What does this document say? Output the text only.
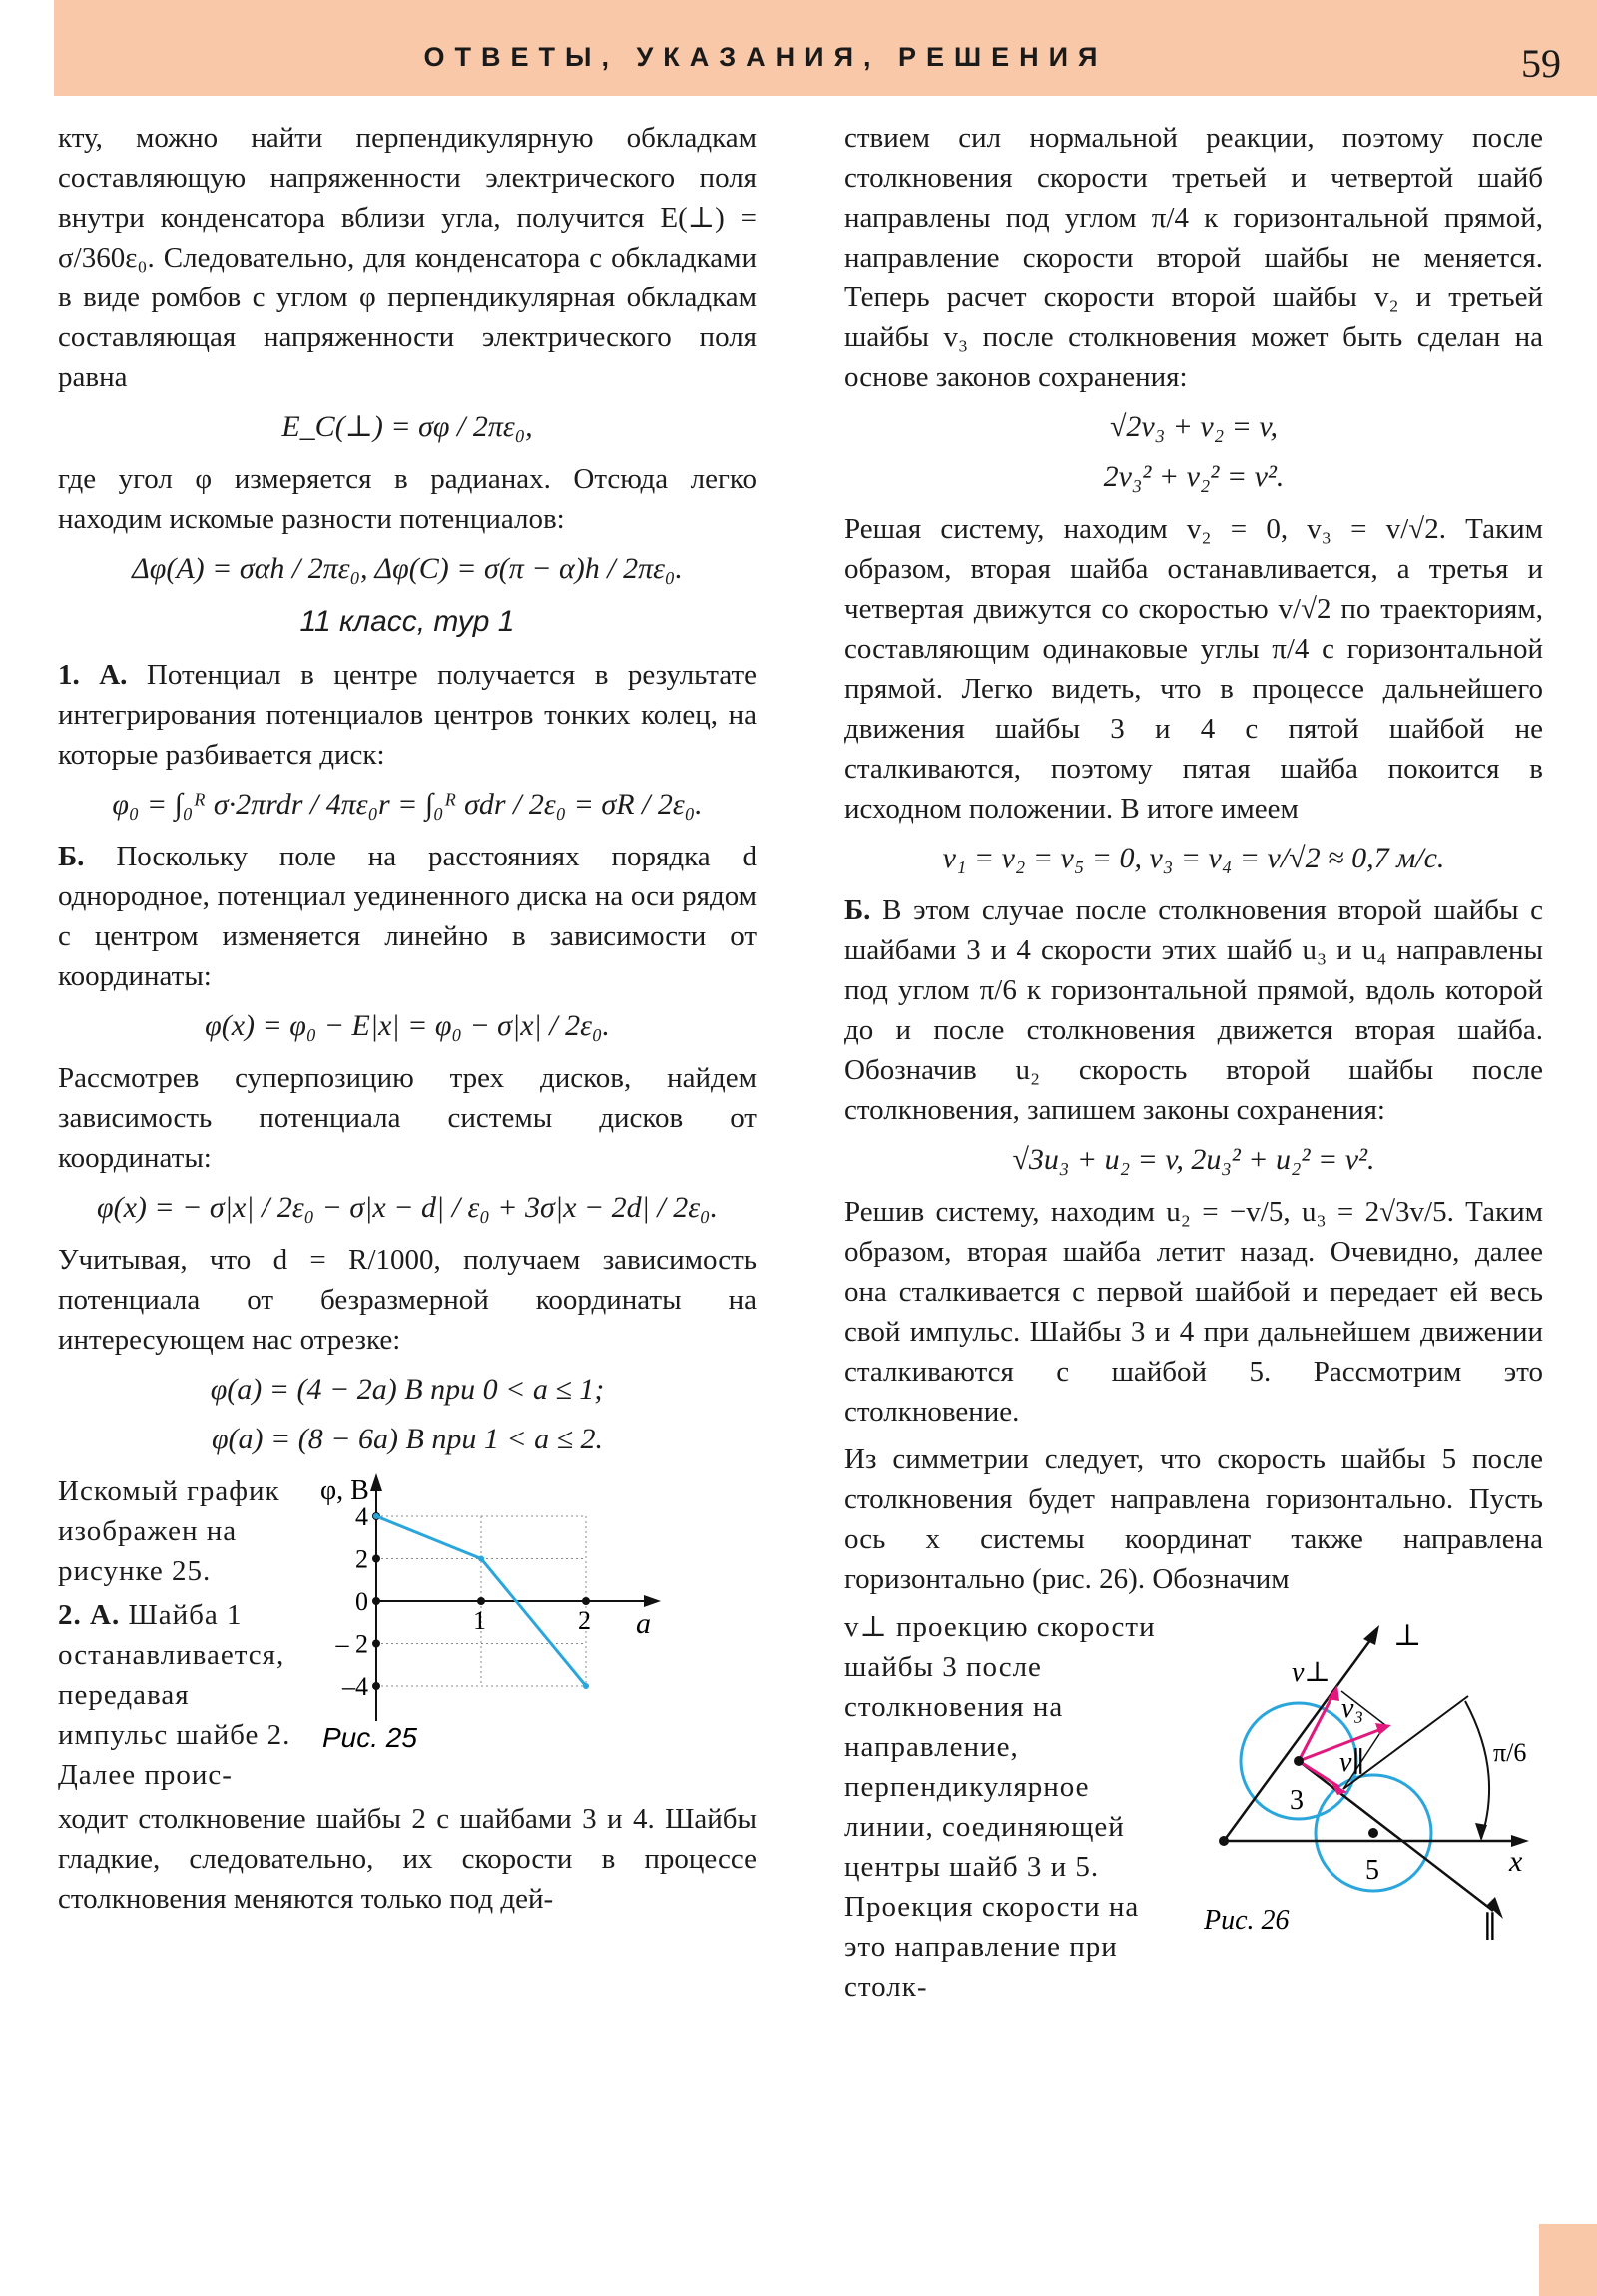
ОТВЕТЫ, УКАЗАНИЯ, РЕШЕНИЯ	59

кту, можно найти перпендикулярную обкладкам составляющую напряженности электрического поля внутри конденсатора вблизи угла, получится E(⊥) = σ/360ε₀. Следовательно, для конденсатора с обкладками в виде ромбов с углом φ перпендикулярная обкладкам составляющая напряженности электрического поля равна

E_C(⊥) = σφ / 2πε₀,

где угол φ измеряется в радианах. Отсюда легко находим искомые разности потенциалов:

Δφ(A) = σαh / 2πε₀, Δφ(C) = σ(π − α)h / 2πε₀.
11 класс, тур 1

1. А. Потенциал в центре получается в результате интегрирования потенциалов центров тонких колец, на которые разбивается диск:

φ₀ = ∫₀ᴿ σ·2πrdr / 4πε₀r = ∫₀ᴿ σdr / 2ε₀ = σR / 2ε₀.

Б. Поскольку поле на расстояниях порядка d однородное, потенциал уединенного диска на оси рядом с центром изменяется линейно в зависимости от координаты:

φ(x) = φ₀ − E|x| = φ₀ − σ|x| / 2ε₀.

Рассмотрев суперпозицию трех дисков, найдем зависимость потенциала системы дисков от координаты:

φ(x) = − σ|x| / 2ε₀ − σ|x − d| / ε₀ + 3σ|x − 2d| / 2ε₀.

Учитывая, что d = R/1000, получаем зависимость потенциала от безразмерной координаты на интересующем нас отрезке:

φ(a) = (4 − 2a) В при 0 < a ≤ 1;
φ(a) = (8 − 6a) В при 1 < a ≤ 2.

Искомый график изображен на рисунке 25.

2. А. Шайба 1 останавливается, передавая импульс шайбе 2. Далее проис-

φ, В
a
4
2
0
– 2
–4
1	2
Рис. 25

ходит столкновение шайбы 2 с шайбами 3 и 4. Шайбы гладкие, следовательно, их скорости в процессе столкновения меняются только под дей-

ствием сил нормальной реакции, поэтому после столкновения скорости третьей и четвертой шайб направлены под углом π/4 к горизонтальной прямой, направление скорости второй шайбы не меняется. Теперь расчет скорости второй шайбы v₂ и третьей шайбы v₃ после столкновения может быть сделан на основе законов сохранения:

√2v₃ + v₂ = v,
2v₃² + v₂² = v².

Решая систему, находим v₂ = 0, v₃ = v/√2. Таким образом, вторая шайба останавливается, а третья и четвертая движутся со скоростью v/√2 по траекториям, составляющим одинаковые углы π/4 с горизонтальной прямой. Легко видеть, что в процессе дальнейшего движения шайбы 3 и 4 с пятой шайбой не сталкиваются, поэтому пятая шайба покоится в исходном положении. В итоге имеем

v₁ = v₂ = v₅ = 0, v₃ = v₄ = v/√2 ≈ 0,7 м/с.

Б. В этом случае после столкновения второй шайбы с шайбами 3 и 4 скорости этих шайб u₃ и u₄ направлены под углом π/6 к горизонтальной прямой, вдоль которой до и после столкновения движется вторая шайба. Обозначив u₂ скорость второй шайбы после столкновения, запишем законы сохранения:

√3u₃ + u₂ = v, 2u₃² + u₂² = v².

Решив систему, находим u₂ = −v/5, u₃ = 2√3v/5. Таким образом, вторая шайба летит назад. Очевидно, далее она сталкивается с первой шайбой и передает ей весь свой импульс. Шайбы 3 и 4 при дальнейшем движении сталкиваются с шайбой 5. Рассмотрим это столкновение.

Из симметрии следует, что скорость шайбы 5 после столкновения будет направлена горизонтально. Пусть ось x системы координат также направлена горизонтально (рис. 26). Обозначим

v⊥ проекцию скорости шайбы 3 после столкновения на направление, перпендикулярное линии, соединяющей центры шайб 3 и 5. Проекция скорости на это направление при столк-

x
⊥
∥
π/6
v⊥
v₃
v∥
3
5
Рис. 26
